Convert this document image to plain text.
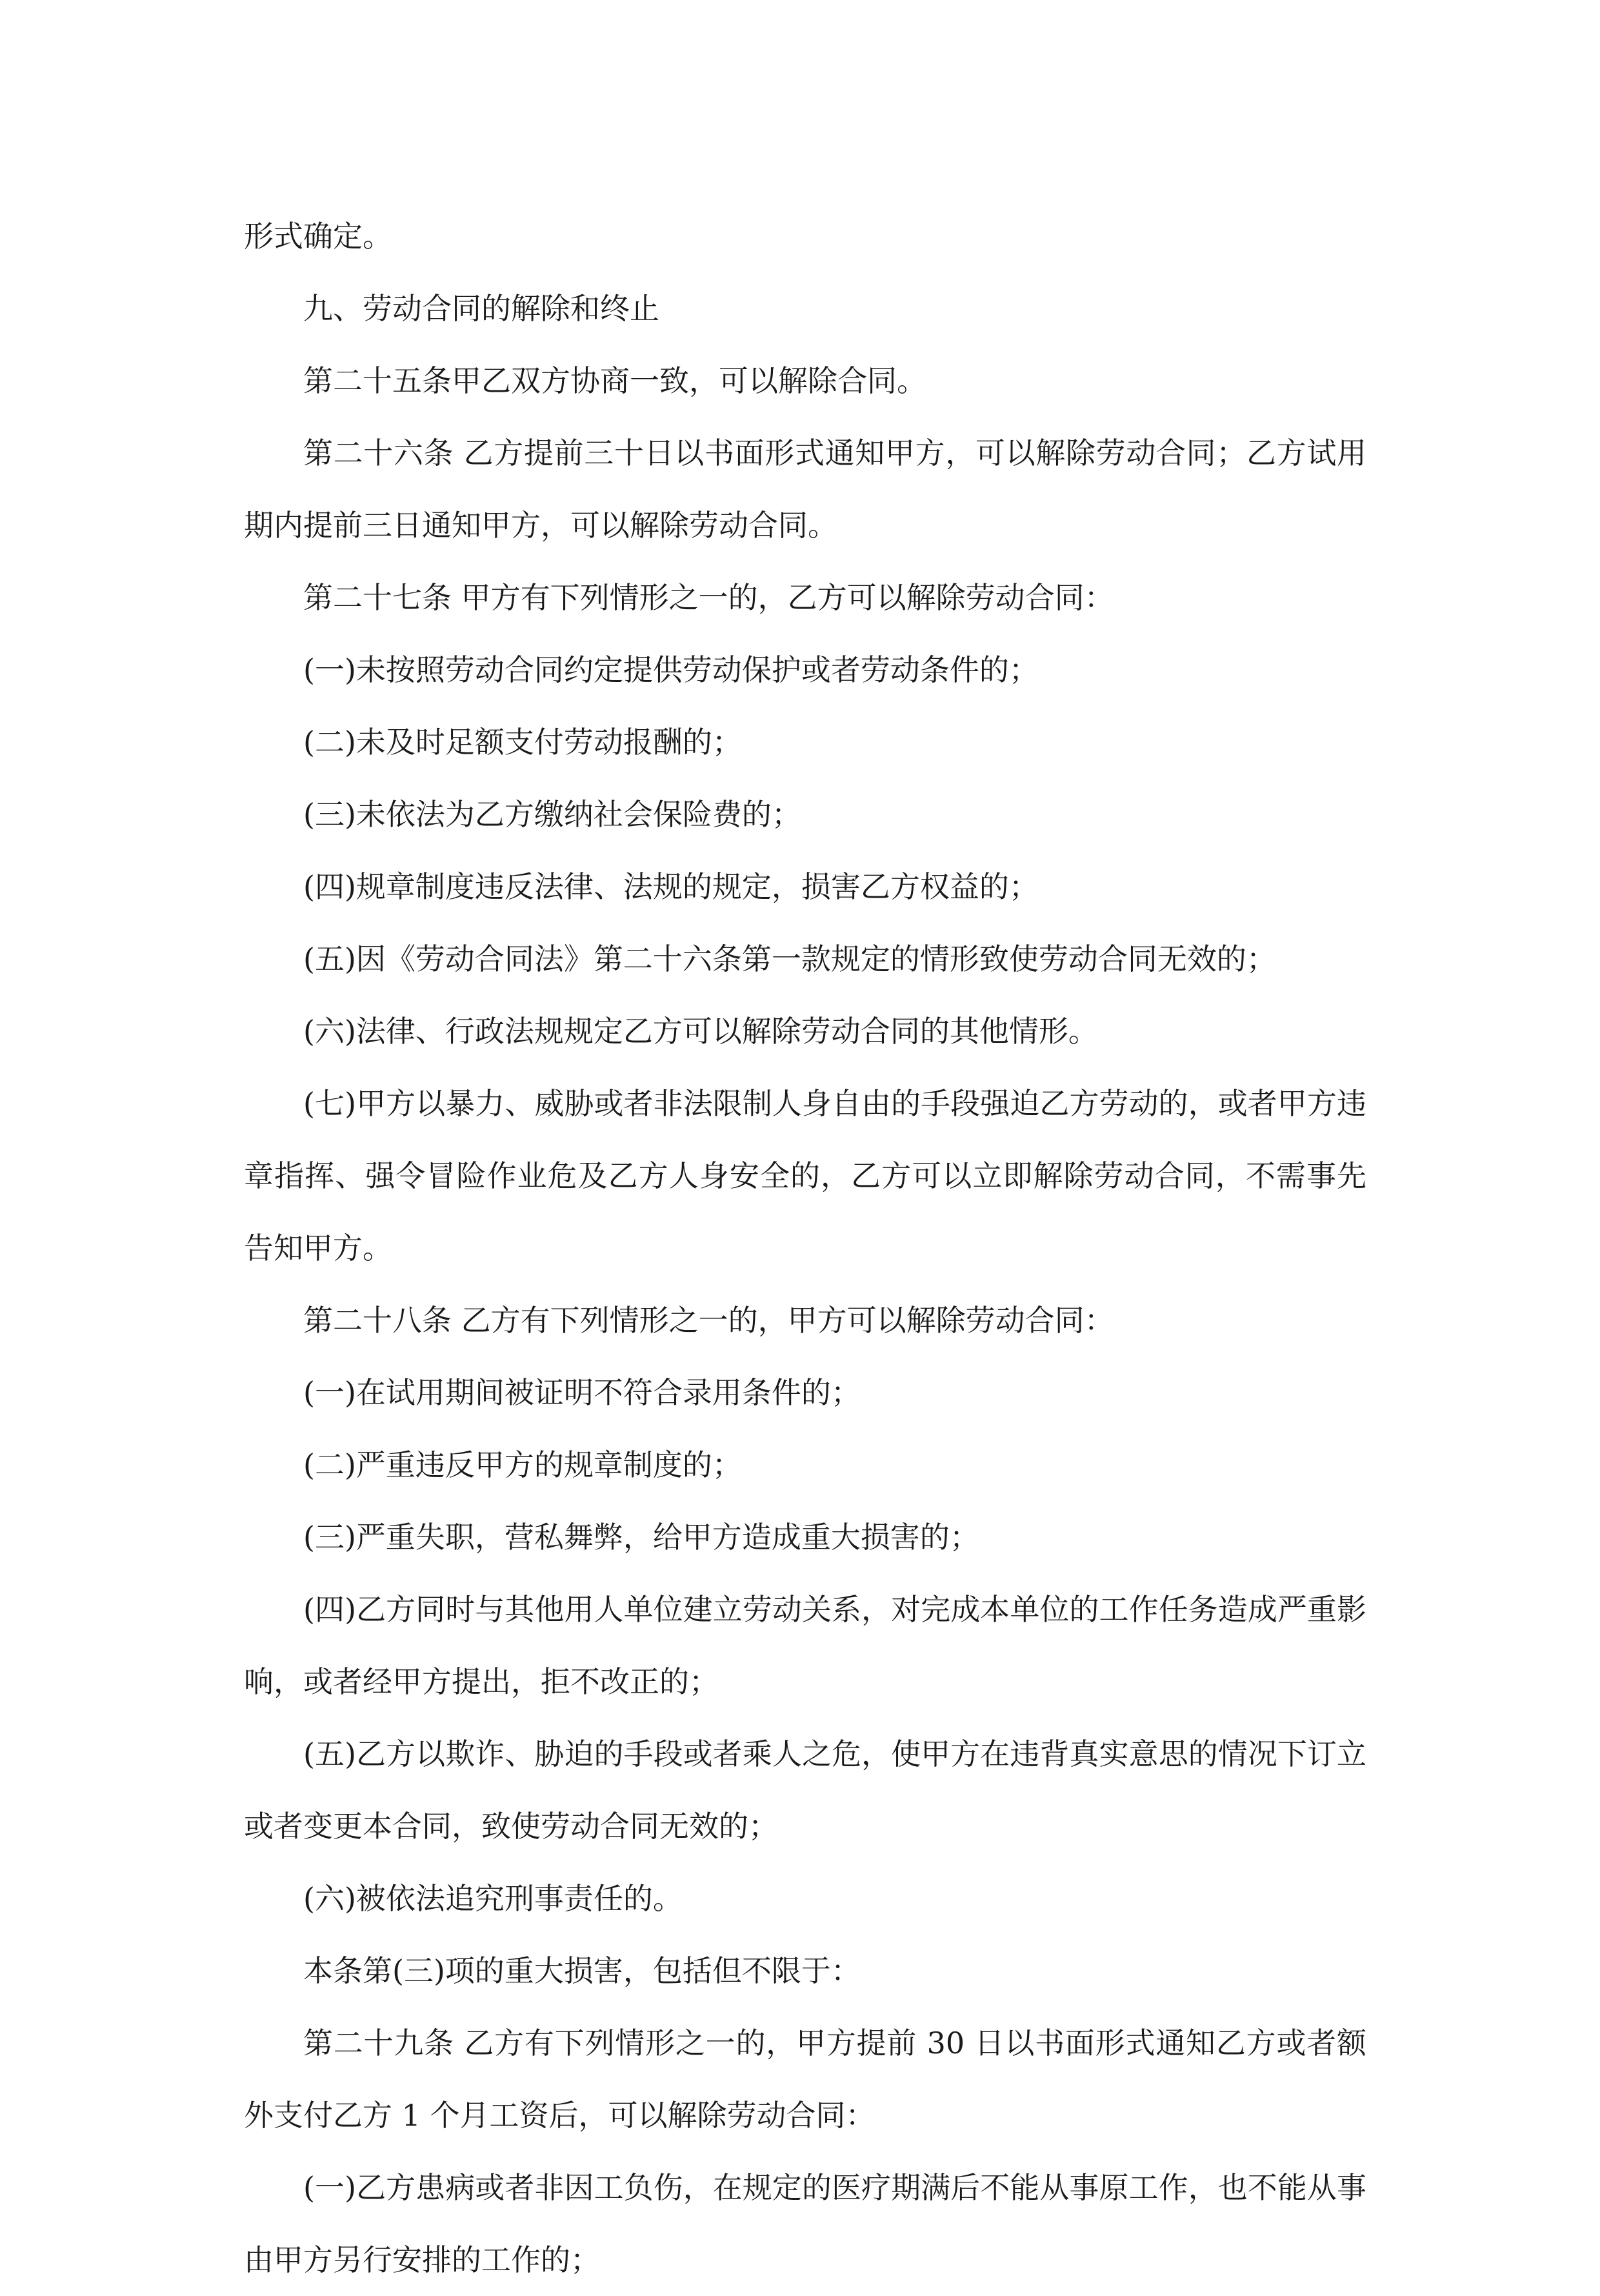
形式确定。

九、劳动合同的解除和终止

第二十五条甲乙双方协商一致，可以解除合同。

第二十六条 乙方提前三十日以书面形式通知甲方，可以解除劳动合同；乙方试用期内提前三日通知甲方，可以解除劳动合同。

第二十七条 甲方有下列情形之一的，乙方可以解除劳动合同：

(一)未按照劳动合同约定提供劳动保护或者劳动条件的；

(二)未及时足额支付劳动报酬的；

(三)未依法为乙方缴纳社会保险费的；

(四)规章制度违反法律、法规的规定，损害乙方权益的；

(五)因《劳动合同法》第二十六条第一款规定的情形致使劳动合同无效的；

(六)法律、行政法规规定乙方可以解除劳动合同的其他情形。

(七)甲方以暴力、威胁或者非法限制人身自由的手段强迫乙方劳动的，或者甲方违章指挥、强令冒险作业危及乙方人身安全的，乙方可以立即解除劳动合同，不需事先告知甲方。

第二十八条 乙方有下列情形之一的，甲方可以解除劳动合同：

(一)在试用期间被证明不符合录用条件的；

(二)严重违反甲方的规章制度的；

(三)严重失职，营私舞弊，给甲方造成重大损害的；

(四)乙方同时与其他用人单位建立劳动关系，对完成本单位的工作任务造成严重影响，或者经甲方提出，拒不改正的；

(五)乙方以欺诈、胁迫的手段或者乘人之危，使甲方在违背真实意思的情况下订立或者变更本合同，致使劳动合同无效的；

(六)被依法追究刑事责任的。

本条第(三)项的重大损害，包括但不限于：

第二十九条 乙方有下列情形之一的，甲方提前 30 日以书面形式通知乙方或者额外支付乙方 1 个月工资后，可以解除劳动合同：

(一)乙方患病或者非因工负伤，在规定的医疗期满后不能从事原工作，也不能从事由甲方另行安排的工作的；
